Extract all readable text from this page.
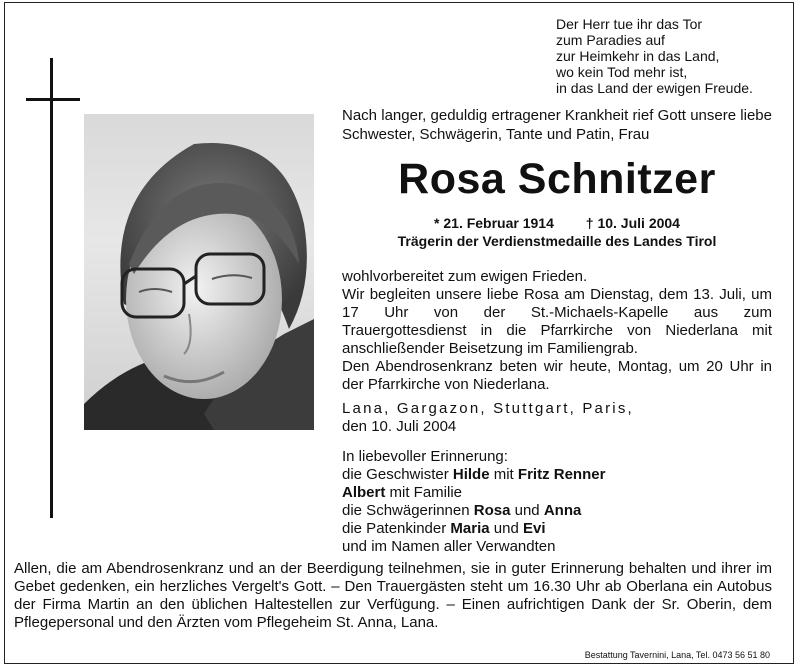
Der Herr tue ihr das Tor
zum Paradies auf
zur Heimkehr in das Land,
wo kein Tod mehr ist,
in das Land der ewigen Freude.
Nach langer, geduldig ertragener Krankheit rief Gott unsere liebe Schwester, Schwägerin, Tante und Patin, Frau
Rosa Schnitzer
* 21. Februar 1914 † 10. Juli 2004
Trägerin der Verdienstmedaille des Landes Tirol

wohlvorbereitet zum ewigen Frieden.

Wir begleiten unsere liebe Rosa am Dienstag, dem 13. Juli, um 17 Uhr von der St.-Michaels-Kapelle aus zum Trauergottesdienst in die Pfarrkirche von Niederlana mit anschließender Beisetzung im Familiengrab.

Den Abendrosenkranz beten wir heute, Montag, um 20 Uhr in der Pfarrkirche von Niederlana.

Lana, Gargazon, Stuttgart, Paris,

den 10. Juli 2004

In liebevoller Erinnerung:
die Geschwister Hilde mit Fritz Renner
Albert mit Familie
die Schwägerinnen Rosa und Anna
die Patenkinder Maria und Evi
und im Namen aller Verwandten
Allen, die am Abendrosenkranz und an der Beerdigung teilnehmen, sie in guter Erinnerung behalten und ihrer im Gebet gedenken, ein herzliches Vergelt's Gott. – Den Trauergästen steht um 16.30 Uhr ab Oberlana ein Autobus der Firma Martin an den üblichen Haltestellen zur Verfügung. – Einen aufrichtigen Dank der Sr. Oberin, dem Pflegepersonal und den Ärzten vom Pflegeheim St. Anna, Lana.
Bestattung Tavernini, Lana, Tel. 0473 56 51 80
